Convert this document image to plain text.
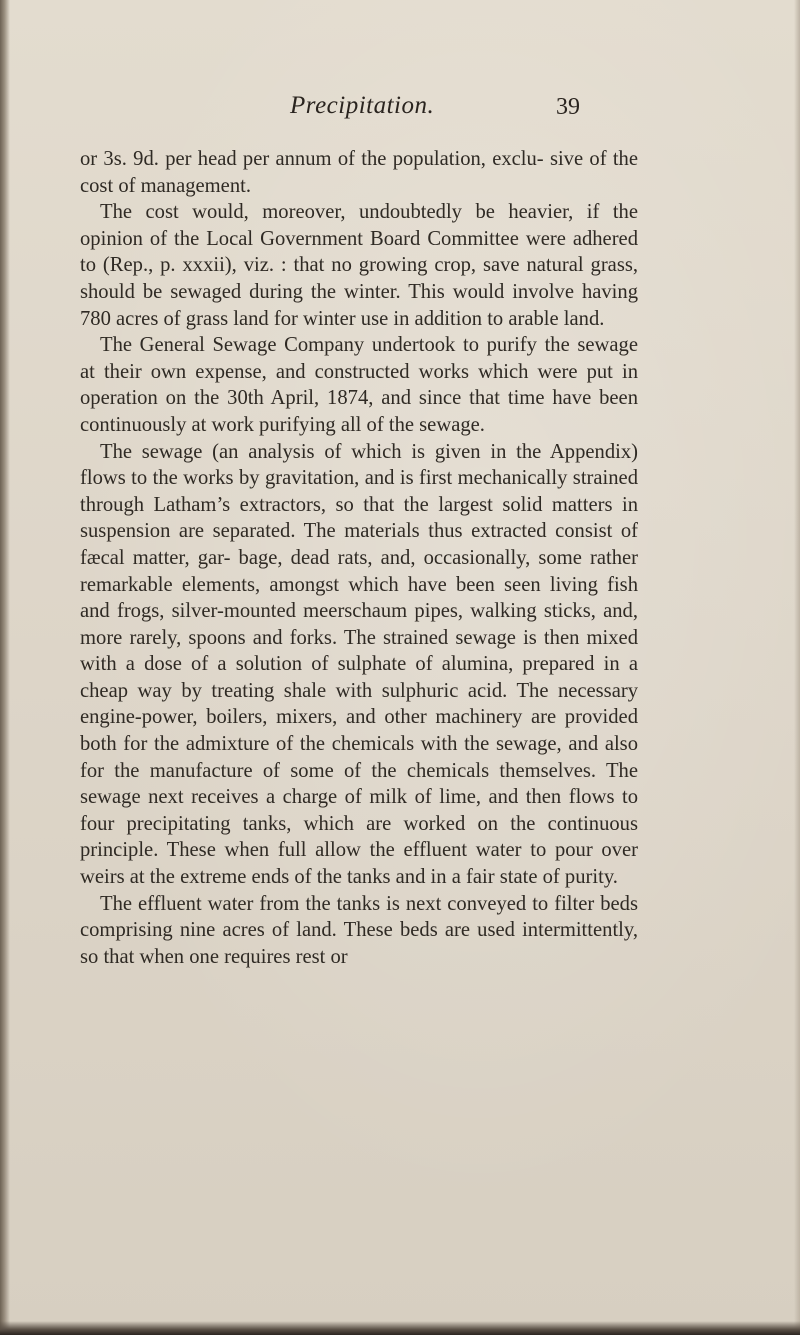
Precipitation.	39

or 3s. 9d. per head per annum of the population, exclu- sive of the cost of management.

The cost would, moreover, undoubtedly be heavier, if the opinion of the Local Government Board Committee were adhered to (Rep., p. xxxii), viz. : that no growing crop, save natural grass, should be sewaged during the winter. This would involve having 780 acres of grass land for winter use in addition to arable land.

The General Sewage Company undertook to purify the sewage at their own expense, and constructed works which were put in operation on the 30th April, 1874, and since that time have been continuously at work purifying all of the sewage.

The sewage (an analysis of which is given in the Appendix) flows to the works by gravitation, and is first mechanically strained through Latham’s extractors, so that the largest solid matters in suspension are separated. The materials thus extracted consist of fæcal matter, gar- bage, dead rats, and, occasionally, some rather remarkable elements, amongst which have been seen living fish and frogs, silver-mounted meerschaum pipes, walking sticks, and, more rarely, spoons and forks. The strained sewage is then mixed with a dose of a solution of sulphate of alumina, prepared in a cheap way by treating shale with sulphuric acid. The necessary engine-power, boilers, mixers, and other machinery are provided both for the admixture of the chemicals with the sewage, and also for the manufacture of some of the chemicals themselves. The sewage next receives a charge of milk of lime, and then flows to four precipitating tanks, which are worked on the continuous principle. These when full allow the effluent water to pour over weirs at the extreme ends of the tanks and in a fair state of purity.

The effluent water from the tanks is next conveyed to filter beds comprising nine acres of land. These beds are used intermittently, so that when one requires rest or
